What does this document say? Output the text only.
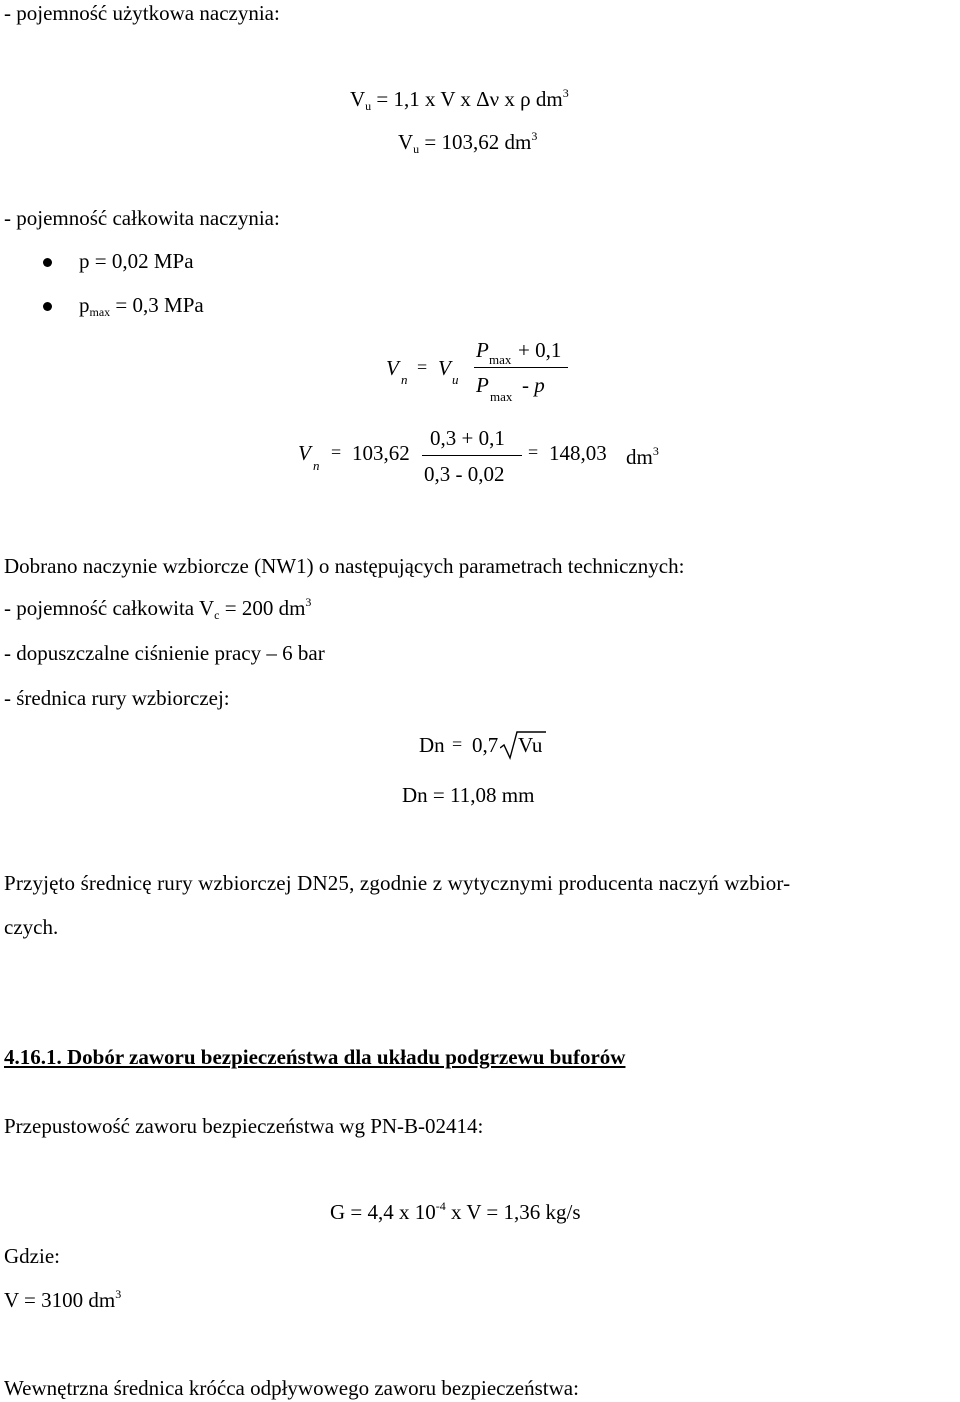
- pojemność użytkowa naczynia:
$V_u = 1,1$ x V x Δν x ρ $dm^3$
$V_u = 103,62$ $dm^3$
- pojemność całkowita naczynia:
p = 0,02 MPa
$p_{max} = 0,3$ MPa
V n
= V u
P max + 0,1
P max - p
V
n
= 103,62
0,3 + 0,1
0,3 - 0,02
= 148,03 $dm^3$
Dobrano naczynie wzbiorcze (NW1) o następujących parametrach technicznych:
- pojemność całkowita $V_c = 200$ $dm^3$
- dopuszczalne ciśnienie pracy – 6 bar
- średnica rury wzbiorczej:
Dn = 0,7 Vu
Dn = 11,08 mm
Przyjęto średnicę rury wzbiorczej DN25, zgodnie z wytycznymi producenta naczyń wzbior-
czych.
4.16.1. Dobór zaworu bezpieczeństwa dla układu podgrzewu buforów
Przepustowość zaworu bezpieczeństwa wg PN-B-02414:
G = 4,4 x $10^{-4}$ x V = 1,36 kg/s
Gdzie:
V = 3100 $dm^3$
Wewnętrzna średnica króćca odpływowego zaworu bezpieczeństwa:
